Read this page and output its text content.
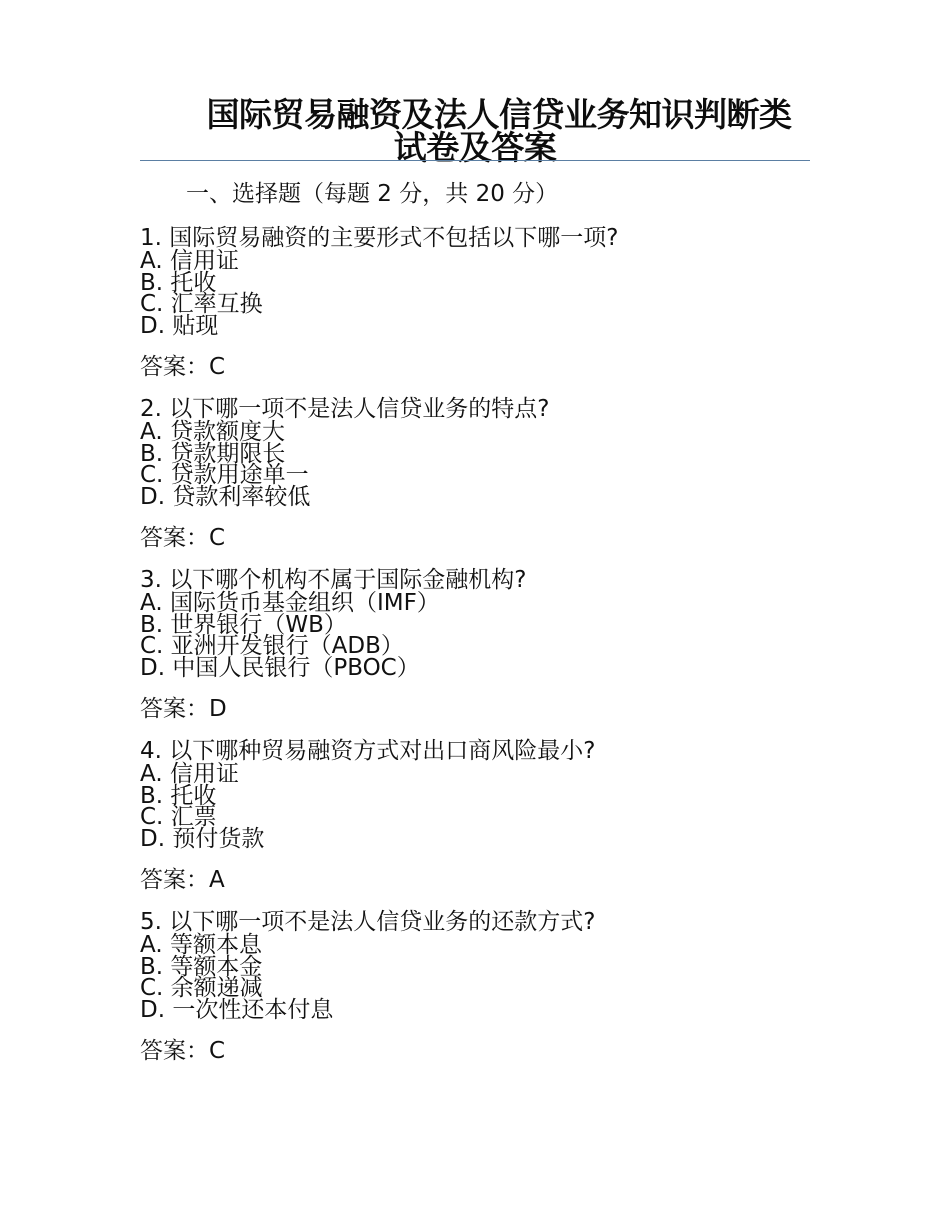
国际贸易融资及法人信贷业务知识判断类
试卷及答案
一、选择题（每题 2 分，共 20 分）
1. 国际贸易融资的主要形式不包括以下哪一项?
A. 信用证
B. 托收
C. 汇率互换
D. 贴现
答案：C
2. 以下哪一项不是法人信贷业务的特点?
A. 贷款额度大
B. 贷款期限长
C. 贷款用途单一
D. 贷款利率较低
答案：C
3. 以下哪个机构不属于国际金融机构?
A. 国际货币基金组织（IMF）
B. 世界银行（WB）
C. 亚洲开发银行（ADB）
D. 中国人民银行（PBOC）
答案：D
4. 以下哪种贸易融资方式对出口商风险最小?
A. 信用证
B. 托收
C. 汇票
D. 预付货款
答案：A
5. 以下哪一项不是法人信贷业务的还款方式?
A. 等额本息
B. 等额本金
C. 余额递减
D. 一次性还本付息
答案：C
